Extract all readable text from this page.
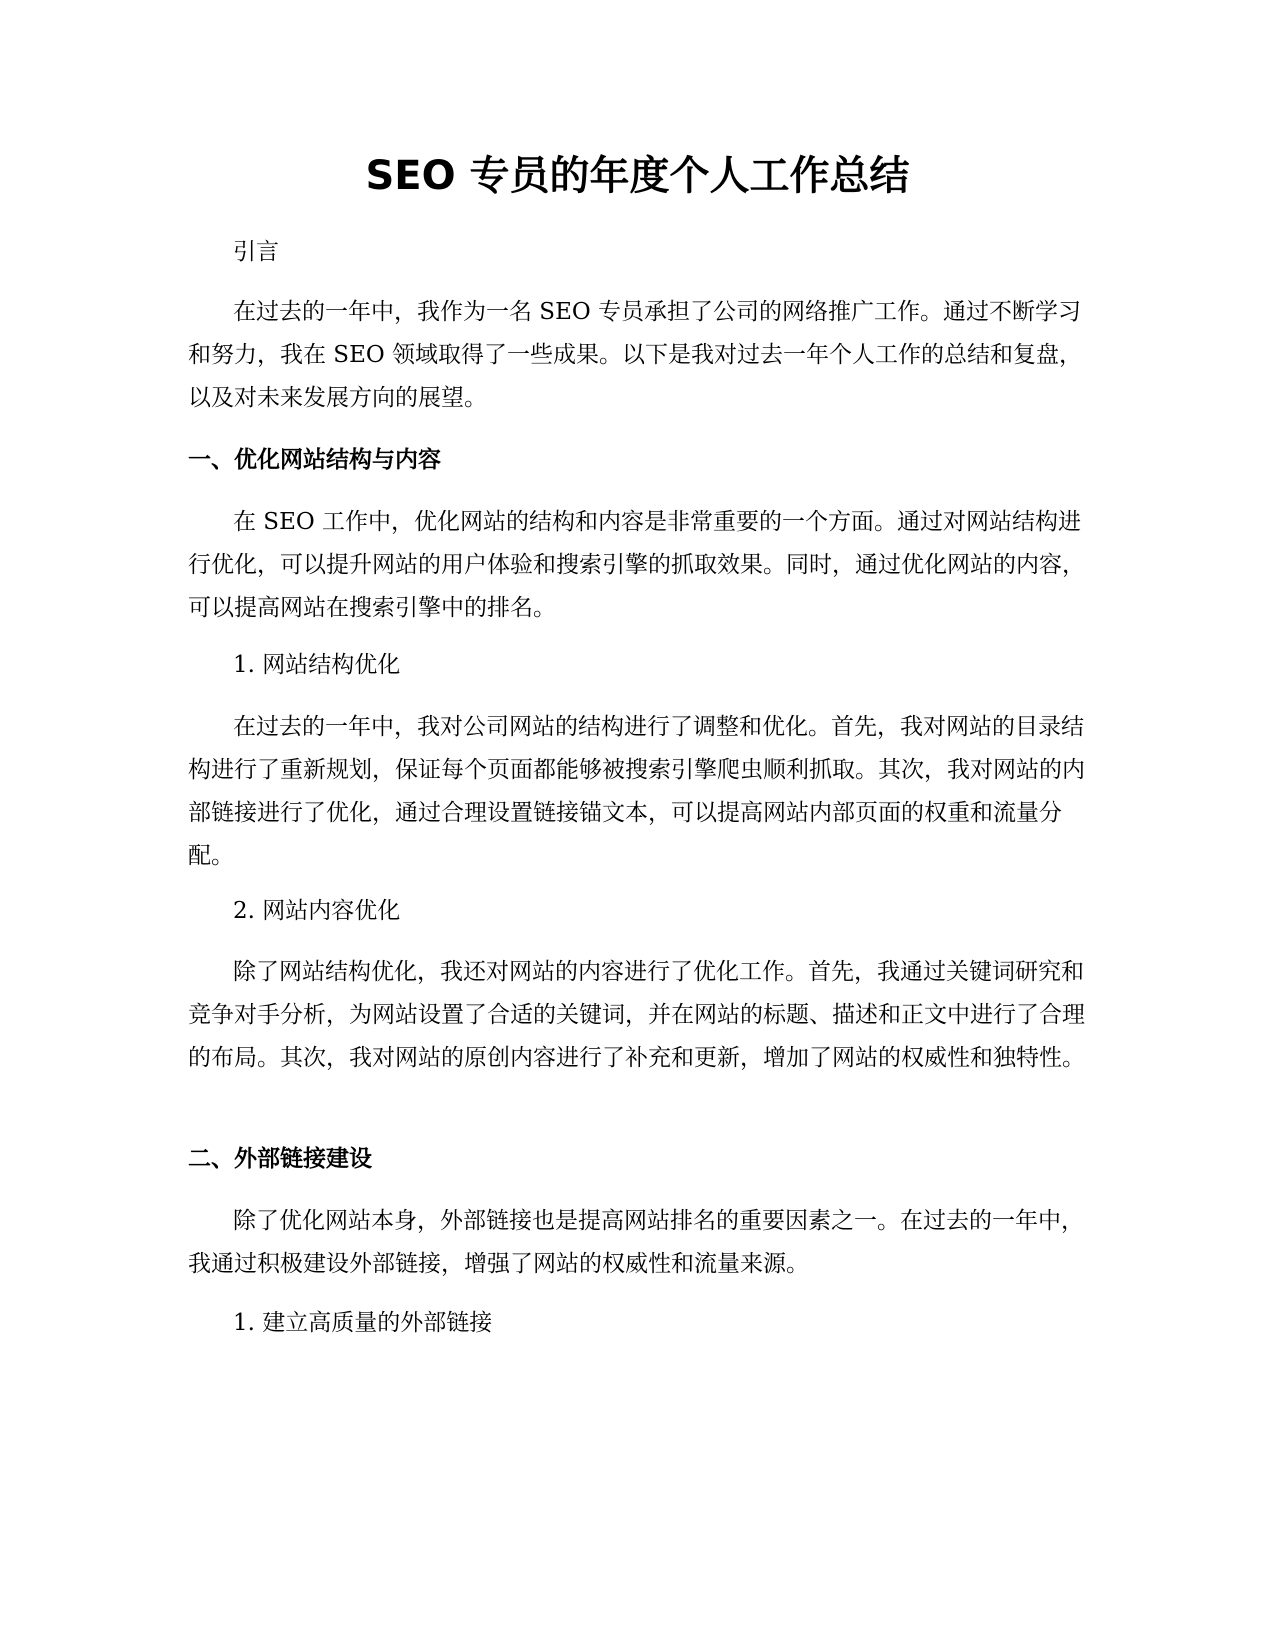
SEO 专员的年度个人工作总结

引言

在过去的一年中，我作为一名 SEO 专员承担了公司的网络推广工作。通过不断学习和努力，我在 SEO 领域取得了一些成果。以下是我对过去一年个人工作的总结和复盘，以及对未来发展方向的展望。

一、优化网站结构与内容

在 SEO 工作中，优化网站的结构和内容是非常重要的一个方面。通过对网站结构进行优化，可以提升网站的用户体验和搜索引擎的抓取效果。同时，通过优化网站的内容，可以提高网站在搜索引擎中的排名。

1. 网站结构优化

在过去的一年中，我对公司网站的结构进行了调整和优化。首先，我对网站的目录结构进行了重新规划，保证每个页面都能够被搜索引擎爬虫顺利抓取。其次，我对网站的内部链接进行了优化，通过合理设置链接锚文本，可以提高网站内部页面的权重和流量分配。

2. 网站内容优化

除了网站结构优化，我还对网站的内容进行了优化工作。首先，我通过关键词研究和竞争对手分析，为网站设置了合适的关键词，并在网站的标题、描述和正文中进行了合理的布局。其次，我对网站的原创内容进行了补充和更新，增加了网站的权威性和独特性。

二、外部链接建设

除了优化网站本身，外部链接也是提高网站排名的重要因素之一。在过去的一年中，我通过积极建设外部链接，增强了网站的权威性和流量来源。

1. 建立高质量的外部链接
